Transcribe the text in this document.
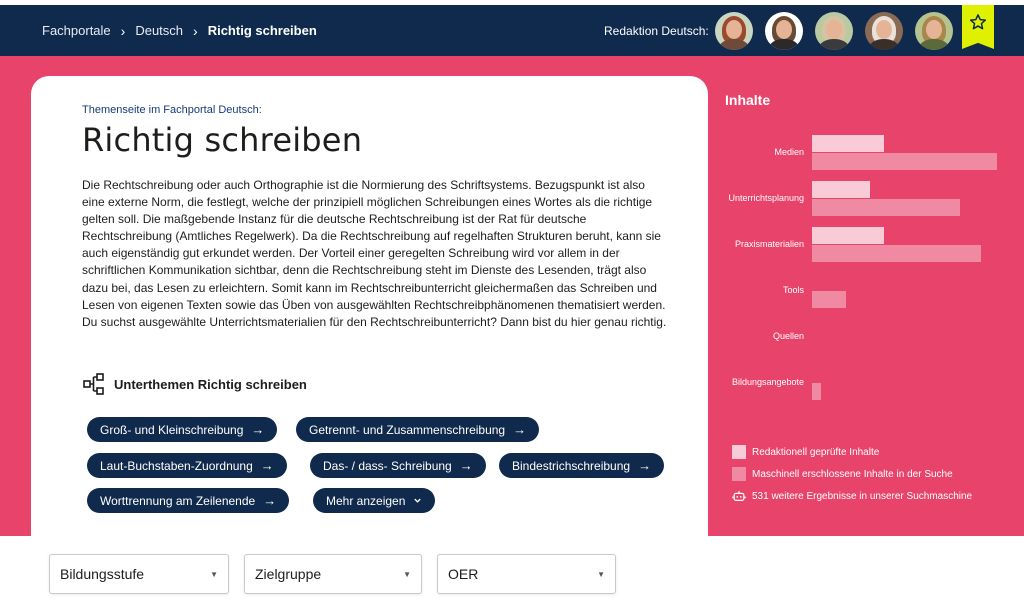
Fachportale › Deutsch › Richtig schreiben	Redaktion Deutsch:
Themenseite im Fachportal Deutsch:
Richtig schreiben

Die Rechtschreibung oder auch Orthographie ist die Normierung des Schriftsystems. Bezugspunkt ist also eine externe Norm, die festlegt, welche der prinzipiell möglichen Schreibungen eines Wortes als die richtige gelten soll. Die maßgebende Instanz für die deutsche Rechtschreibung ist der Rat für deutsche Rechtschreibung (Amtliches Regelwerk). Da die Rechtschreibung auf regelhaften Strukturen beruht, kann sie auch eigenständig gut erkundet werden. Der Vorteil einer geregelten Schreibung wird vor allem in der schriftlichen Kommunikation sichtbar, denn die Rechtschreibung steht im Dienste des Lesenden, trägt also dazu bei, das Lesen zu erleichtern. Somit kann im Rechtschreibunterricht gleichermaßen das Schreiben und Lesen von eigenen Texten sowie das Üben von ausgewählten Rechtschreibphänomenen thematisiert werden. Du suchst ausgewählte Unterrichtsmaterialien für den Rechtschreibunterricht? Dann bist du hier genau richtig.

Unterthemen Richtig schreiben
Groß- und Kleinschreibung →	Getrennt- und Zusammenschreibung →
Laut-Buchstaben-Zuordnung →	Das- / dass- Schreibung →	Bindestrichschreibung →
Worttrennung am Zeilenende →	Mehr anzeigen
Inhalte
Medien
Unterrichtsplanung
Praxismaterialien
Tools
Quellen
Bildungsangebote
Redaktionell geprüfte Inhalte
Maschinell erschlossene Inhalte in der Suche
531 weitere Ergebnisse in unserer Suchmaschine
Bildungsstufe	▼	Zielgruppe	▼	OER	▼
